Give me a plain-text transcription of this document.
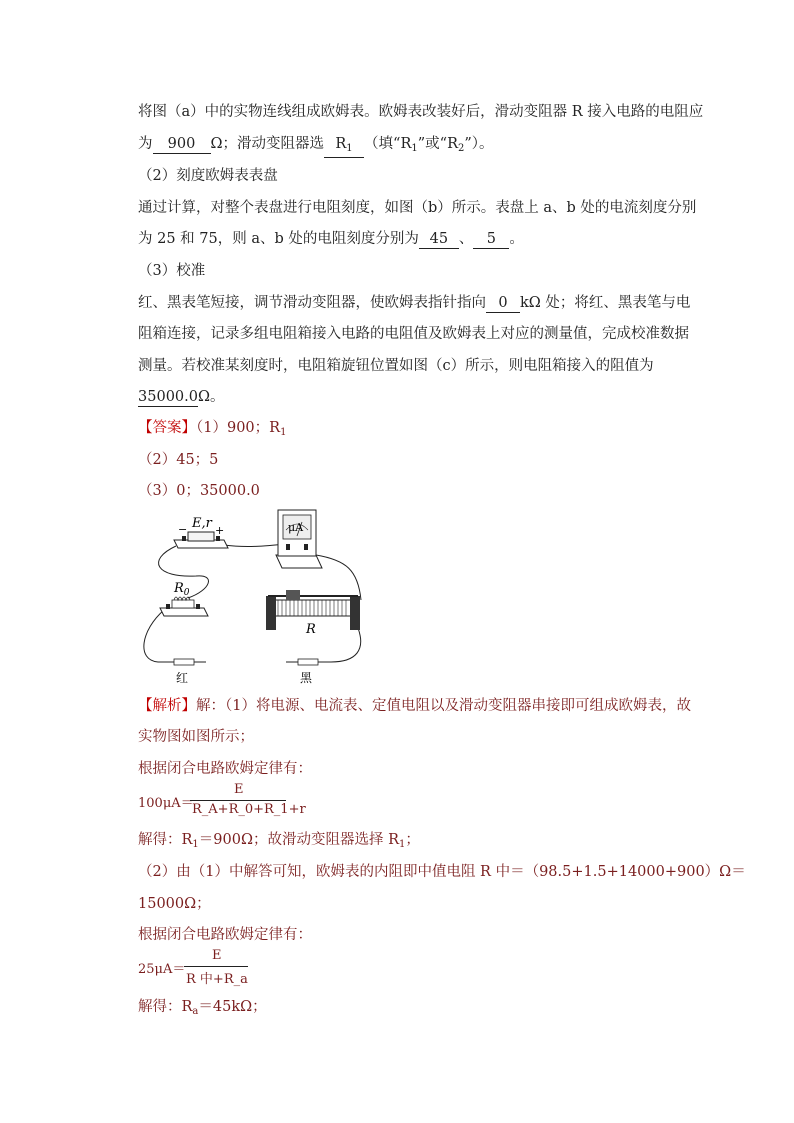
将图（a）中的实物连线组成欧姆表。欧姆表改装好后，滑动变阻器 R 接入电路的电阻应
为 900 Ω；滑动变阻器选 $R_1$ （填“$R_1$”或“$R_2$”）。
（2）刻度欧姆表表盘
通过计算，对整个表盘进行电阻刻度，如图（b）所示。表盘上 a、b 处的电流刻度分别
为 25 和 75，则 a、b 处的电阻刻度分别为 45 、 5 。
（3）校准
红、黑表笔短接，调节滑动变阻器，使欧姆表指针指向 0 kΩ 处；将红、黑表笔与电
阻箱连接，记录多组电阻箱接入电路的电阻值及欧姆表上对应的测量值，完成校准数据
测量。若校准某刻度时，电阻箱旋钮位置如图（c）所示，则电阻箱接入的阻值为
35000.0Ω。
【答案】（1）900；$R_1$
（2）45；5
（3）0；35000.0
E,r
−	+	μA
$R_0$
R
红	黑
【解析】解：（1）将电源、电流表、定值电阻以及滑动变阻器串接即可组成欧姆表，故
实物图如图所示；
根据闭合电路欧姆定律有：
100μA＝
E
R_A+R_0+R_1+r
解得：$R_1=900\Omega$；故滑动变阻器选择 $R_1$；
（2）由（1）中解答可知，欧姆表的内阻即中值电阻 R 中＝（98.5+1.5+14000+900）Ω＝
15000Ω；
根据闭合电路欧姆定律有：
25μA＝
E
R 中+R_a
解得：$R_a=45k\Omega$；
